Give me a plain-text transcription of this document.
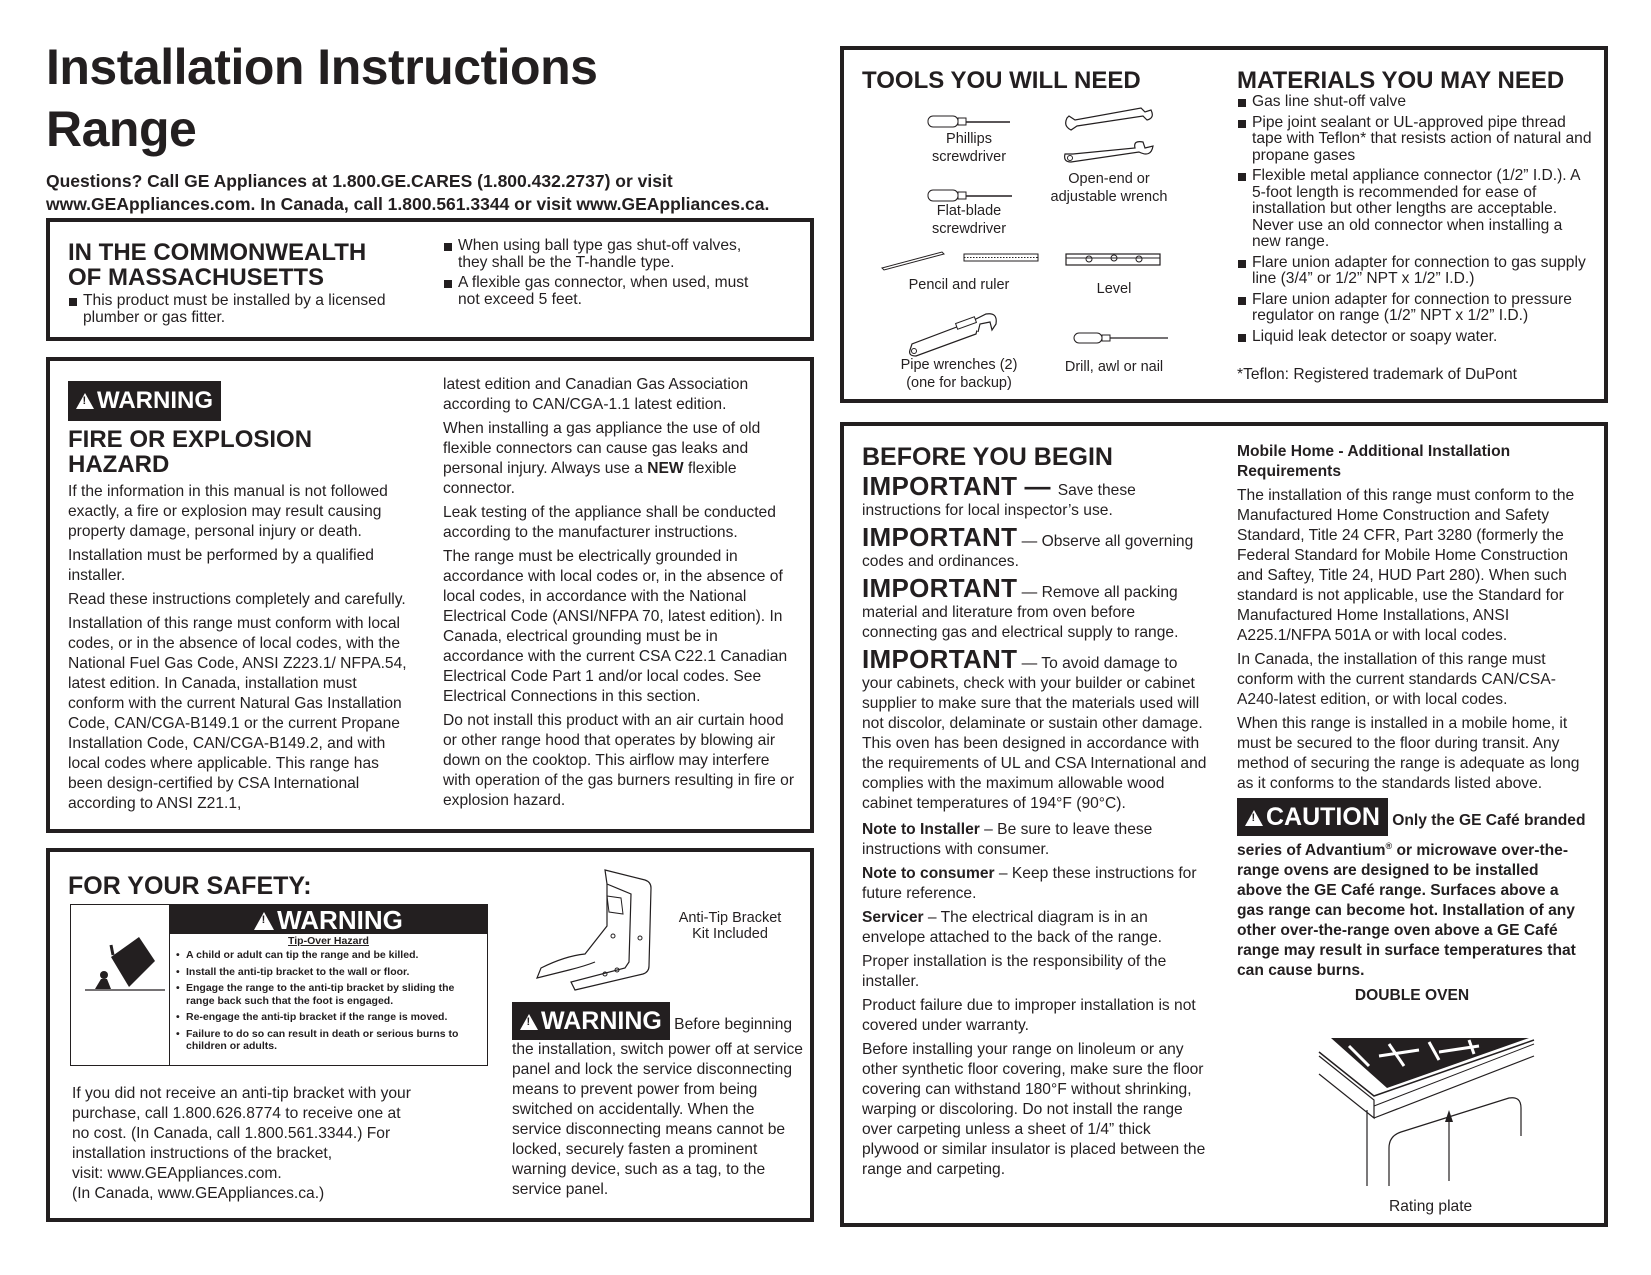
Installation Instructions
Range
Questions? Call GE Appliances at 1.800.GE.CARES (1.800.432.2737) or visit
www.GEAppliances.com. In Canada, call 1.800.561.3344 or visit www.GEAppliances.ca.

IN THE COMMONWEALTH

OF MASSACHUSETTS

This product must be installed by a licensed plumber or gas fitter.

When using ball type gas shut-off valves, they shall be the T-handle type.

A flexible gas connector, when used, must not exceed 5 feet.

!WARNING

FIRE OR EXPLOSION

HAZARD

If the information in this manual is not followed exactly, a fire or explosion may result causing property damage, personal injury or death.

Installation must be performed by a qualified installer.

Read these instructions completely and carefully.

Installation of this range must conform with local codes, or in the absence of local codes, with the National Fuel Gas Code, ANSI Z223.1/ NFPA.54, latest edition. In Canada, installation must conform with the current Natural Gas Installation Code, CAN/CGA-B149.1 or the current Propane Installation Code, CAN/CGA-B149.2, and with local codes where applicable. This range has been design-certified by CSA International according to ANSI Z21.1,

latest edition and Canadian Gas Association according to CAN/CGA-1.1 latest edition.

When installing a gas appliance the use of old flexible connectors can cause gas leaks and personal injury. Always use a NEW flexible connector.

Leak testing of the appliance shall be conducted according to the manufacturer instructions.

The range must be electrically grounded in accordance with local codes or, in the absence of local codes, in accordance with the National Electrical Code (ANSI/NFPA 70, latest edition). In Canada, electrical grounding must be in accordance with the current CSA C22.1 Canadian Electrical Code Part 1 and/or local codes. See Electrical Connections in this section.

Do not install this product with an air curtain hood or other range hood that operates by blowing air down on the cooktop. This airflow may interfere with operation of the gas burners resulting in fire or explosion hazard.

FOR YOUR SAFETY:
!WARNING
Tip-Over Hazard
• A child or adult can tip the range and be killed.
• Install the anti-tip bracket to the wall or floor.
• Engage the range to the anti-tip bracket by sliding the range back such that the foot is engaged.
• Re-engage the anti-tip bracket if the range is moved.
• Failure to do so can result in death or serious burns to children or adults.
If you did not receive an anti-tip bracket with your
purchase, call 1.800.626.8774 to receive one at
no cost. (In Canada, call 1.800.561.3344.) For
installation instructions of the bracket,
visit: www.GEAppliances.com.
(In Canada, www.GEAppliances.ca.)
Anti-Tip Bracket
Kit Included
!WARNING Before beginning the installation, switch power off at service panel and lock the service disconnecting means to prevent power from being switched on accidentally. When the service disconnecting means cannot be locked, securely fasten a prominent warning device, such as a tag, to the service panel.
TOOLS YOU WILL NEED
Phillips
screwdriver
Open-end or
adjustable wrench
Flat-blade
screwdriver
Pencil and ruler	Level
Pipe wrenches (2)
(one for backup)
Drill, awl or nail
MATERIALS YOU MAY NEED

Gas line shut-off valve

Pipe joint sealant or UL-approved pipe thread tape with Teflon* that resists action of natural and propane gases

Flexible metal appliance connector (1/2” I.D.). A 5-foot length is recommended for ease of installation but other lengths are acceptable. Never use an old connector when installing a new range.

Flare union adapter for connection to gas supply line (3/4” or 1/2” NPT x 1/2” I.D.)

Flare union adapter for connection to pressure regulator on range (1/2” NPT x 1/2” I.D.)

Liquid leak detector or soapy water.

*Teflon: Registered trademark of DuPont

BEFORE YOU BEGIN

IMPORTANT — Save these instructions for local inspector’s use.

IMPORTANT — Observe all governing codes and ordinances.

IMPORTANT — Remove all packing material and literature from oven before connecting gas and electrical supply to range.

IMPORTANT — To avoid damage to your cabinets, check with your builder or cabinet supplier to make sure that the materials used will not discolor, delaminate or sustain other damage. This oven has been designed in accordance with the requirements of UL and CSA International and complies with the maximum allowable wood cabinet temperatures of 194°F (90°C).

Note to Installer – Be sure to leave these instructions with consumer.

Note to consumer – Keep these instructions for future reference.

Servicer – The electrical diagram is in an envelope attached to the back of the range.

Proper installation is the responsibility of the installer.

Product failure due to improper installation is not covered under warranty.

Before installing your range on linoleum or any other synthetic floor covering, make sure the floor covering can withstand 180°F without shrinking, warping or discoloring. Do not install the range over carpeting unless a sheet of 1/4” thick plywood or similar insulator is placed between the range and carpeting.

Mobile Home - Additional Installation Requirements

The installation of this range must conform to the Manufactured Home Construction and Safety Standard, Title 24 CFR, Part 3280 (formerly the Federal Standard for Mobile Home Construction and Saftey, Title 24, HUD Part 280). When such standard is not applicable, use the Standard for Manufactured Home Installations, ANSI A225.1/NFPA 501A or with local codes.

In Canada, the installation of this range must conform with the current standards CAN/CSA-A240-latest edition, or with local codes.

When this range is installed in a mobile home, it must be secured to the floor during transit. Any method of securing the range is adequate as long as it conforms to the standards listed above.

!CAUTION Only the GE Café branded series of Advantium® or microwave over-the-range ovens are designed to be installed above the GE Café range. Surfaces above a gas range can become hot. Installation of any other over-the-range oven above a GE Café range may result in surface temperatures that can cause burns.
DOUBLE OVEN
Rating plate
